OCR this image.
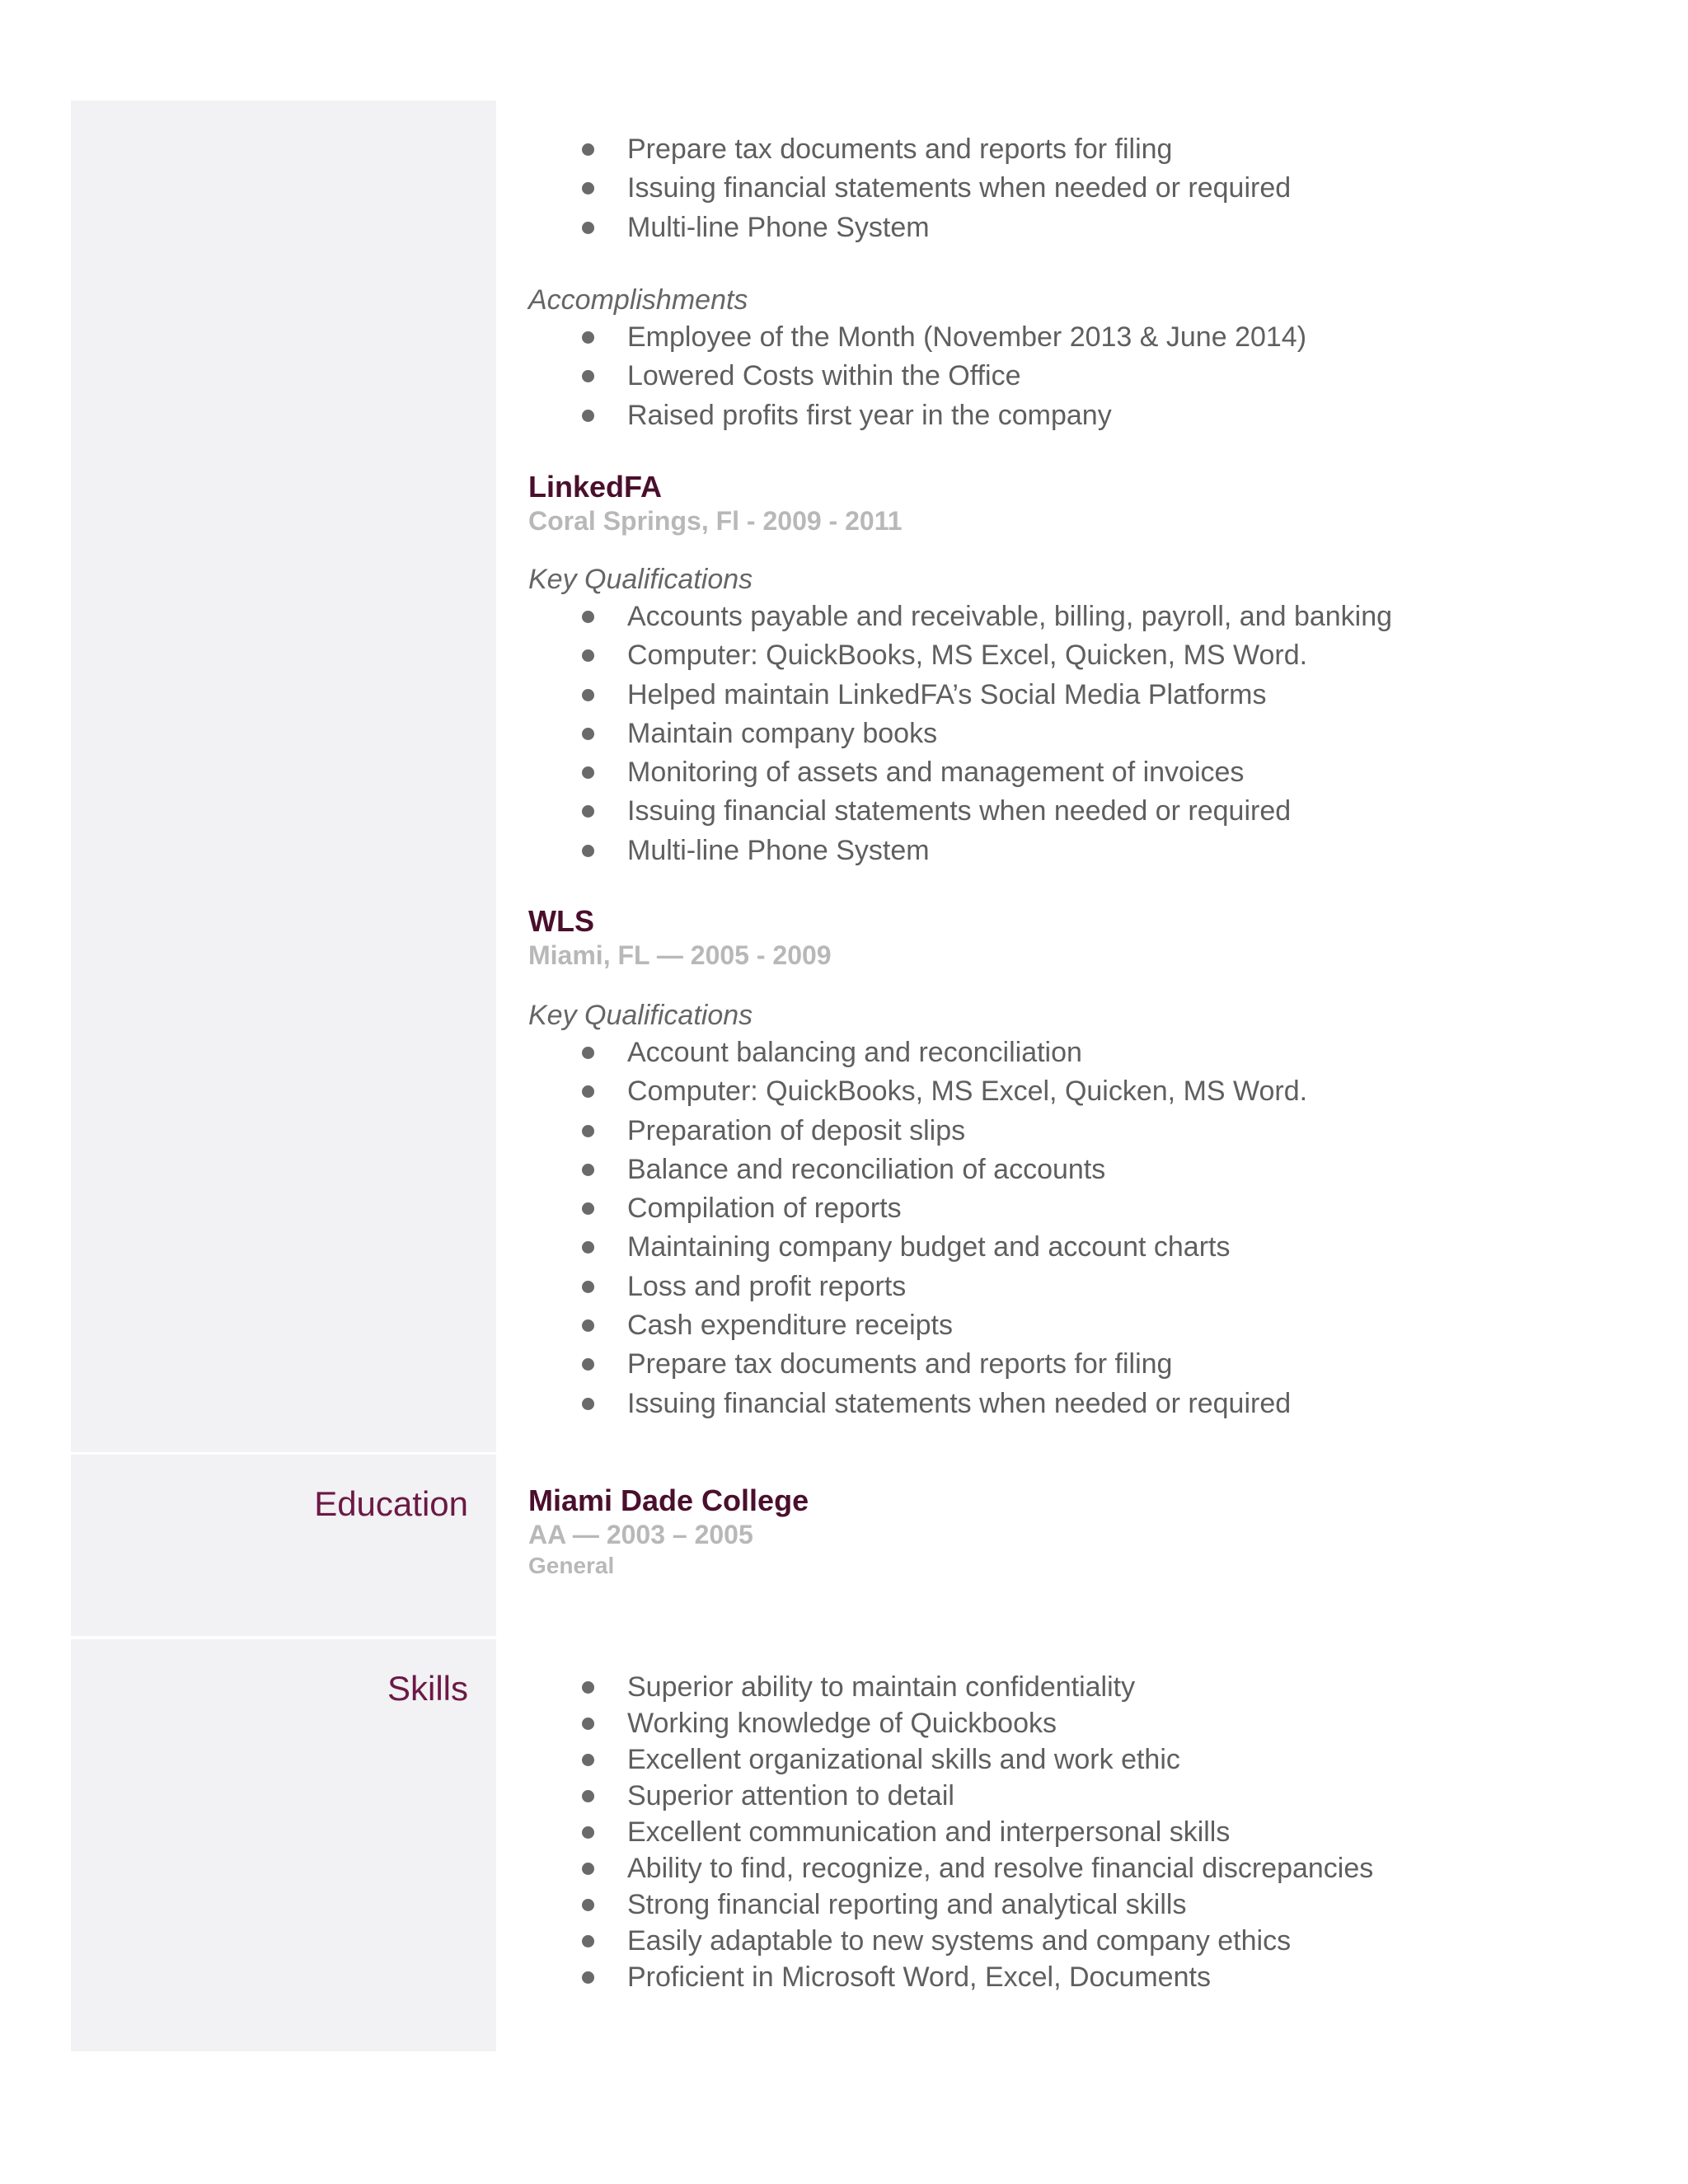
Education
Skills
Prepare tax documents and reports for filing
Issuing financial statements when needed or required
Multi-line Phone System
Accomplishments
Employee of the Month (November 2013 & June 2014)
Lowered Costs within the Office
Raised profits first year in the company
LinkedFA
Coral Springs, Fl - 2009 - 2011
Key Qualifications
Accounts payable and receivable, billing, payroll, and banking
Computer: QuickBooks, MS Excel, Quicken, MS Word.
Helped maintain LinkedFA’s Social Media Platforms
Maintain company books
Monitoring of assets and management of invoices
Issuing financial statements when needed or required
Multi-line Phone System
WLS
Miami, FL — 2005 - 2009
Key Qualifications
Account balancing and reconciliation
Computer: QuickBooks, MS Excel, Quicken, MS Word.
Preparation of deposit slips
Balance and reconciliation of accounts
Compilation of reports
Maintaining company budget and account charts
Loss and profit reports
Cash expenditure receipts
Prepare tax documents and reports for filing
Issuing financial statements when needed or required
Miami Dade College
AA — 2003 – 2005
General
Superior ability to maintain confidentiality
Working knowledge of Quickbooks
Excellent organizational skills and work ethic
Superior attention to detail
Excellent communication and interpersonal skills
Ability to find, recognize, and resolve financial discrepancies
Strong financial reporting and analytical skills
Easily adaptable to new systems and company ethics
Proficient in Microsoft Word, Excel, Documents
